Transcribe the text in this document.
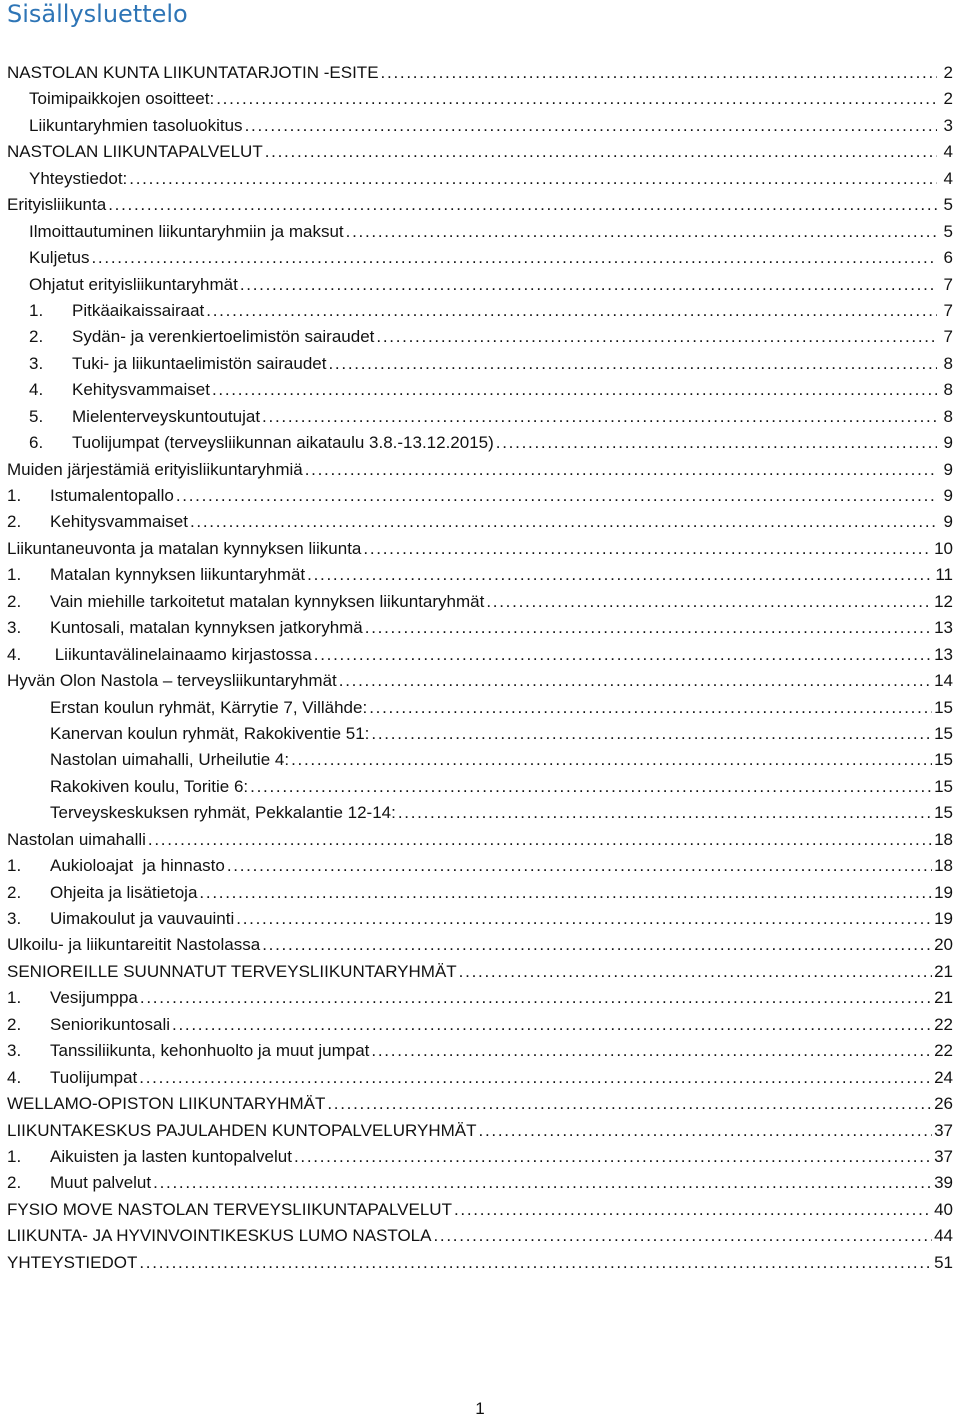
Sisällysluettelo
NASTOLAN KUNTA LIIKUNTATARJOTIN -ESITE . . .	2
Toimipaikkojen osoitteet: . . .	2
Liikuntaryhmien tasoluokitus . . .	3
NASTOLAN LIIKUNTAPALVELUT . . .	4
Yhteystiedot: . . .	4
Erityisliikunta . . .	5
Ilmoittautuminen liikuntaryhmiin ja maksut . . .	5
Kuljetus . . .	6
Ohjatut erityisliikuntaryhmät . . .	7
1.	Pitkäaikaissairaat . . .	7
2.	Sydän- ja verenkiertoelimistön sairaudet . . .	7
3.	Tuki- ja liikuntaelimistön sairaudet . . .	8
4.	Kehitysvammaiset . . .	8
5.	Mielenterveyskuntoutujat . . .	8
6.	Tuolijumpat (terveysliikunnan aikataulu 3.8.-13.12.2015) . . .	9
Muiden järjestämiä erityisliikuntaryhmiä . . .	9
1.	Istumalentopallo . . .	9
2.	Kehitysvammaiset . . .	9
Liikuntaneuvonta ja matalan kynnyksen liikunta . . .	10
1.	Matalan kynnyksen liikuntaryhmät . . .	11
2.	Vain miehille tarkoitetut matalan kynnyksen liikuntaryhmät . . .	12
3.	Kuntosali, matalan kynnyksen jatkoryhmä . . .	13
4.	Liikuntavälinelainaamo kirjastossa . . .	13
Hyvän Olon Nastola – terveysliikuntaryhmät . . .	14
Erstan koulun ryhmät, Kärrytie 7, Villähde: . . .	15
Kanervan koulun ryhmät, Rakokiventie 51: . . .	15
Nastolan uimahalli, Urheilutie 4: . . .	15
Rakokiven koulu, Toritie 6: . . .	15
Terveyskeskuksen ryhmät, Pekkalantie 12-14: . . .	15
Nastolan uimahalli . . .	18
1.	Aukioloajat  ja hinnasto . . .	18
2.	Ohjeita ja lisätietoja . . .	19
3.	Uimakoulut ja vauvauinti . . .	19
Ulkoilu- ja liikuntareitit Nastolassa . . .	20
SENIOREILLE SUUNNATUT TERVEYSLIIKUNTARYHMÄT . . .	21
1.	Vesijumppa . . .	21
2.	Seniorikuntosali . . .	22
3.	Tanssiliikunta, kehonhuolto ja muut jumpat . . .	22
4.	Tuolijumpat . . .	24
WELLAMO-OPISTON LIIKUNTARYHMÄT . . .	26
LIIKUNTAKESKUS PAJULAHDEN KUNTOPALVELURYHMÄT . . .	37
1.	Aikuisten ja lasten kuntopalvelut . . .	37
2.	Muut palvelut . . .	39
FYSIO MOVE NASTOLAN TERVEYSLIIKUNTAPALVELUT . . .	40
LIIKUNTA- JA HYVINVOINTIKESKUS LUMO NASTOLA . . .	44
YHTEYSTIEDOT . . .	51
1
